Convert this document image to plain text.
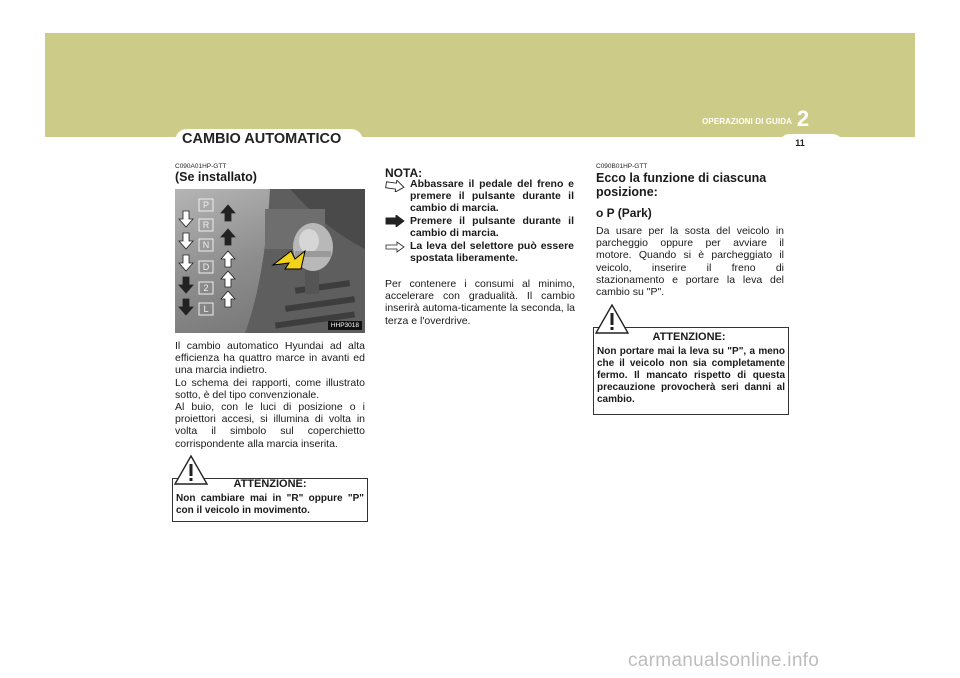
OPERAZIONI DI GUIDA 2
11
CAMBIO AUTOMATICO
C090A01HP-GTT
(Se installato)
P
R
N
D
2
L
HHP3018

Il cambio automatico Hyundai ad alta efficienza ha quattro marce in avanti ed una marcia indietro.

Lo schema dei rapporti, come illustrato sotto, è del tipo convenzionale.

Al buio, con le luci di posizione o i proiettori accesi, si illumina di volta in volta il simbolo sul coperchietto corrispondente alla marcia inserita.

ATTENZIONE:
Non cambiare mai in "R" oppure "P" con il veicolo in movimento.
NOTA:
Abbassare il pedale del freno e premere il pulsante durante il cambio di marcia.
Premere il pulsante durante il cambio di marcia.
La leva del selettore può essere spostata liberamente.
Per contenere i consumi al minimo, accelerare con gradualità. Il cambio inserirà automa-ticamente la seconda, la terza e l'overdrive.
C090B01HP-GTT
Ecco la funzione di ciascuna posizione:
o P (Park)
Da usare per la sosta del veicolo in parcheggio oppure per avviare il motore. Quando si è parcheggiato il veicolo, inserire il freno di stazionamento e portare la leva del cambio su "P".
ATTENZIONE:
Non portare mai la leva su "P", a meno che il veicolo non sia completamente fermo. Il mancato rispetto di questa precauzione provocherà seri danni al cambio.
carmanualsonline.info
